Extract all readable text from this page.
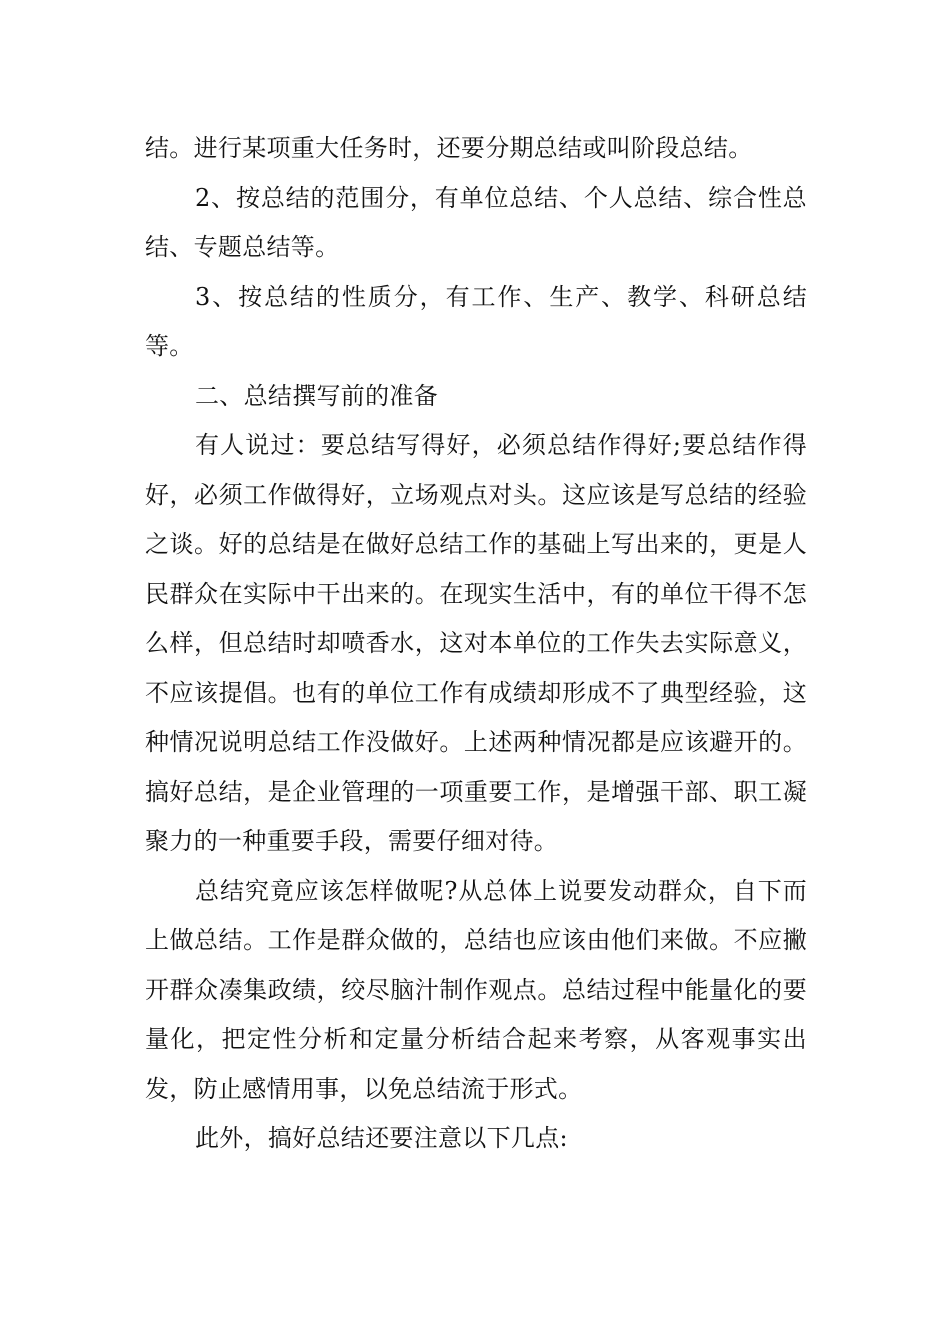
结。进行某项重大任务时，还要分期总结或叫阶段总结。

2、按总结的范围分，有单位总结、个人总结、综合性总结、专题总结等。

3、按总结的性质分，有工作、生产、教学、科研总结等。

二、总结撰写前的准备

有人说过：要总结写得好，必须总结作得好;要总结作得好，必须工作做得好，立场观点对头。这应该是写总结的经验之谈。好的总结是在做好总结工作的基础上写出来的，更是人民群众在实际中干出来的。在现实生活中，有的单位干得不怎么样，但总结时却喷香水，这对本单位的工作失去实际意义，不应该提倡。也有的单位工作有成绩却形成不了典型经验，这种情况说明总结工作没做好。上述两种情况都是应该避开的。搞好总结，是企业管理的一项重要工作，是增强干部、职工凝聚力的一种重要手段，需要仔细对待。

总结究竟应该怎样做呢?从总体上说要发动群众，自下而上做总结。工作是群众做的，总结也应该由他们来做。不应撇开群众凑集政绩，绞尽脑汁制作观点。总结过程中能量化的要量化，把定性分析和定量分析结合起来考察，从客观事实出发，防止感情用事，以免总结流于形式。

此外，搞好总结还要注意以下几点:
